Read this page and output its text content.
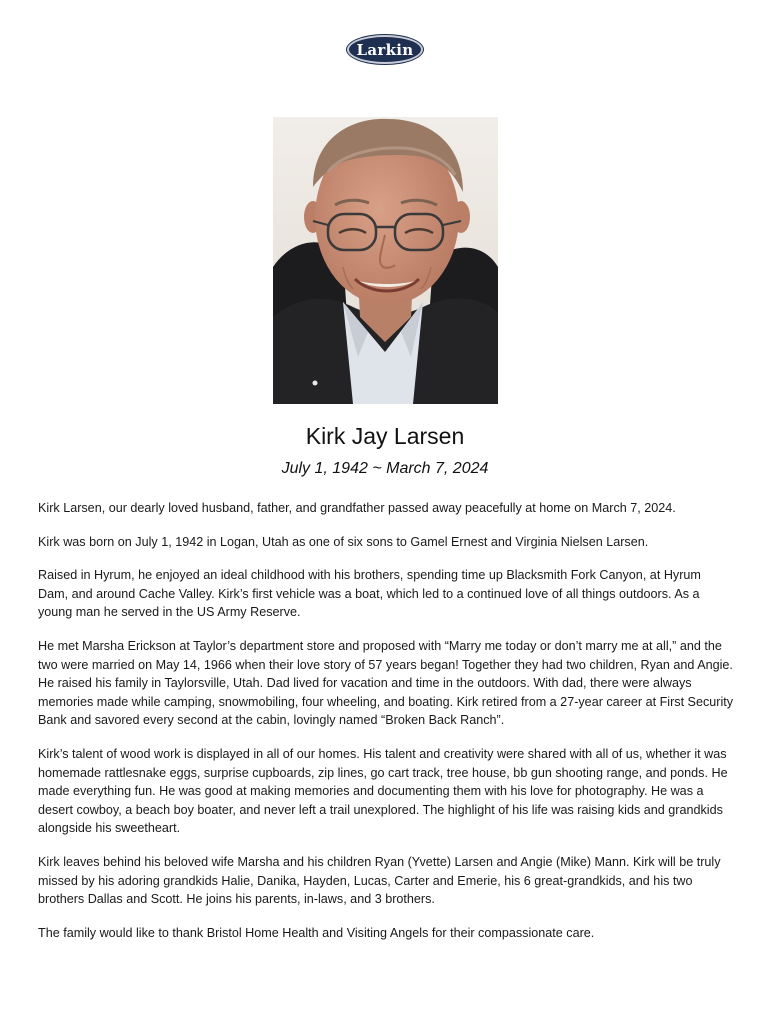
Larkin
Kirk Jay Larsen
July 1, 1942 ~ March 7, 2024

Kirk Larsen, our dearly loved husband, father, and grandfather passed away peacefully at home on March 7, 2024.

Kirk was born on July 1, 1942 in Logan, Utah as one of six sons to Gamel Ernest and Virginia Nielsen Larsen.

Raised in Hyrum, he enjoyed an ideal childhood with his brothers, spending time up Blacksmith Fork Canyon, at Hyrum Dam, and around Cache Valley. Kirk’s first vehicle was a boat, which led to a continued love of all things outdoors. As a young man he served in the US Army Reserve.

He met Marsha Erickson at Taylor’s department store and proposed with “Marry me today or don’t marry me at all,” and the two were married on May 14, 1966 when their love story of 57 years began! Together they had two children, Ryan and Angie. He raised his family in Taylorsville, Utah. Dad lived for vacation and time in the outdoors. With dad, there were always memories made while camping, snowmobiling, four wheeling, and boating. Kirk retired from a 27-year career at First Security Bank and savored every second at the cabin, lovingly named “Broken Back Ranch”.

Kirk’s talent of wood work is displayed in all of our homes. His talent and creativity were shared with all of us, whether it was homemade rattlesnake eggs, surprise cupboards, zip lines, go cart track, tree house, bb gun shooting range, and ponds. He made everything fun. He was good at making memories and documenting them with his love for photography. He was a desert cowboy, a beach boy boater, and never left a trail unexplored. The highlight of his life was raising kids and grandkids alongside his sweetheart.

Kirk leaves behind his beloved wife Marsha and his children Ryan (Yvette) Larsen and Angie (Mike) Mann. Kirk will be truly missed by his adoring grandkids Halie, Danika, Hayden, Lucas, Carter and Emerie, his 6 great-grandkids, and his two brothers Dallas and Scott. He joins his parents, in-laws, and 3 brothers.

The family would like to thank Bristol Home Health and Visiting Angels for their compassionate care.
